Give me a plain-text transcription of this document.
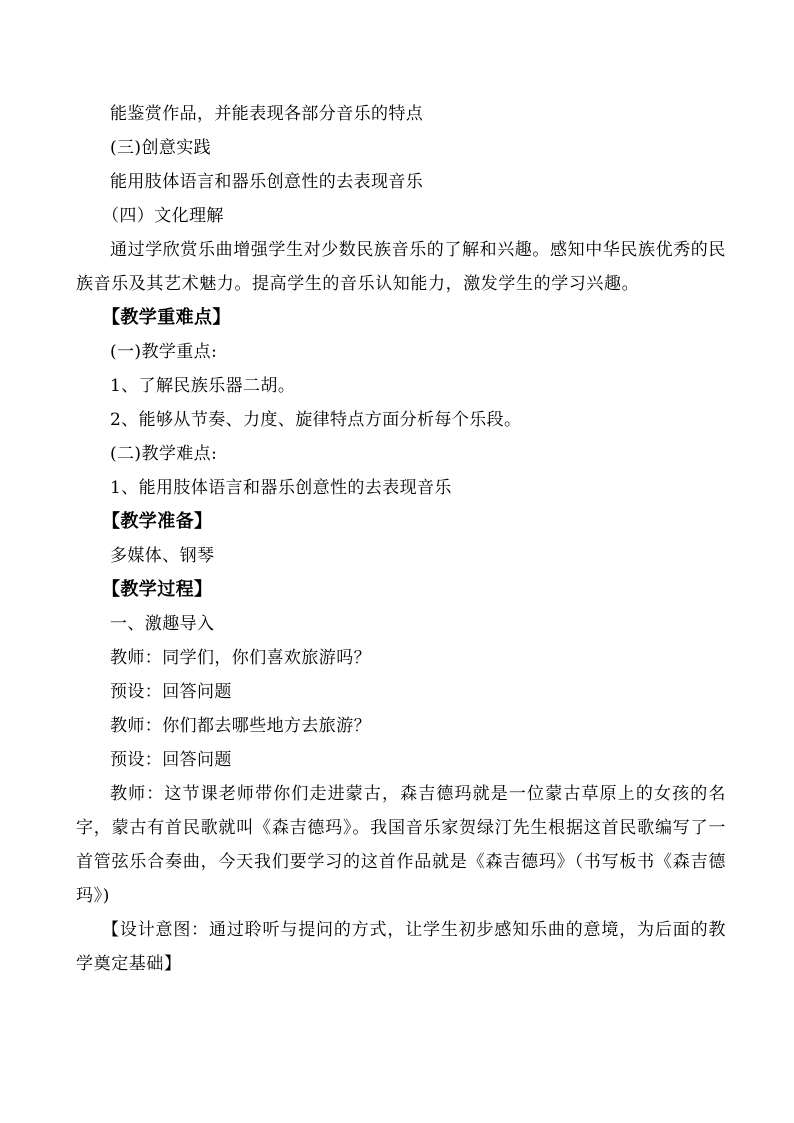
能鉴赏作品，并能表现各部分音乐的特点
(三)创意实践
能用肢体语言和器乐创意性的去表现音乐
（四）文化理解
通过学欣赏乐曲增强学生对少数民族音乐的了解和兴趣。感知中华民族优秀的民族音乐及其艺术魅力。提高学生的音乐认知能力，激发学生的学习兴趣。
【教学重难点】
(一)教学重点:
1、了解民族乐器二胡。
2、能够从节奏、力度、旋律特点方面分析每个乐段。
(二)教学难点:
1、能用肢体语言和器乐创意性的去表现音乐
【教学准备】
多媒体、钢琴
【教学过程】
一、激趣导入
教师：同学们，你们喜欢旅游吗？
预设：回答问题
教师：你们都去哪些地方去旅游？
预设：回答问题
教师：这节课老师带你们走进蒙古，森吉德玛就是一位蒙古草原上的女孩的名字，蒙古有首民歌就叫《森吉德玛》。我国音乐家贺绿汀先生根据这首民歌编写了一首管弦乐合奏曲，今天我们要学习的这首作品就是《森吉德玛》（书写板书《森吉德玛》)
【设计意图：通过聆听与提问的方式，让学生初步感知乐曲的意境，为后面的教学奠定基础】
